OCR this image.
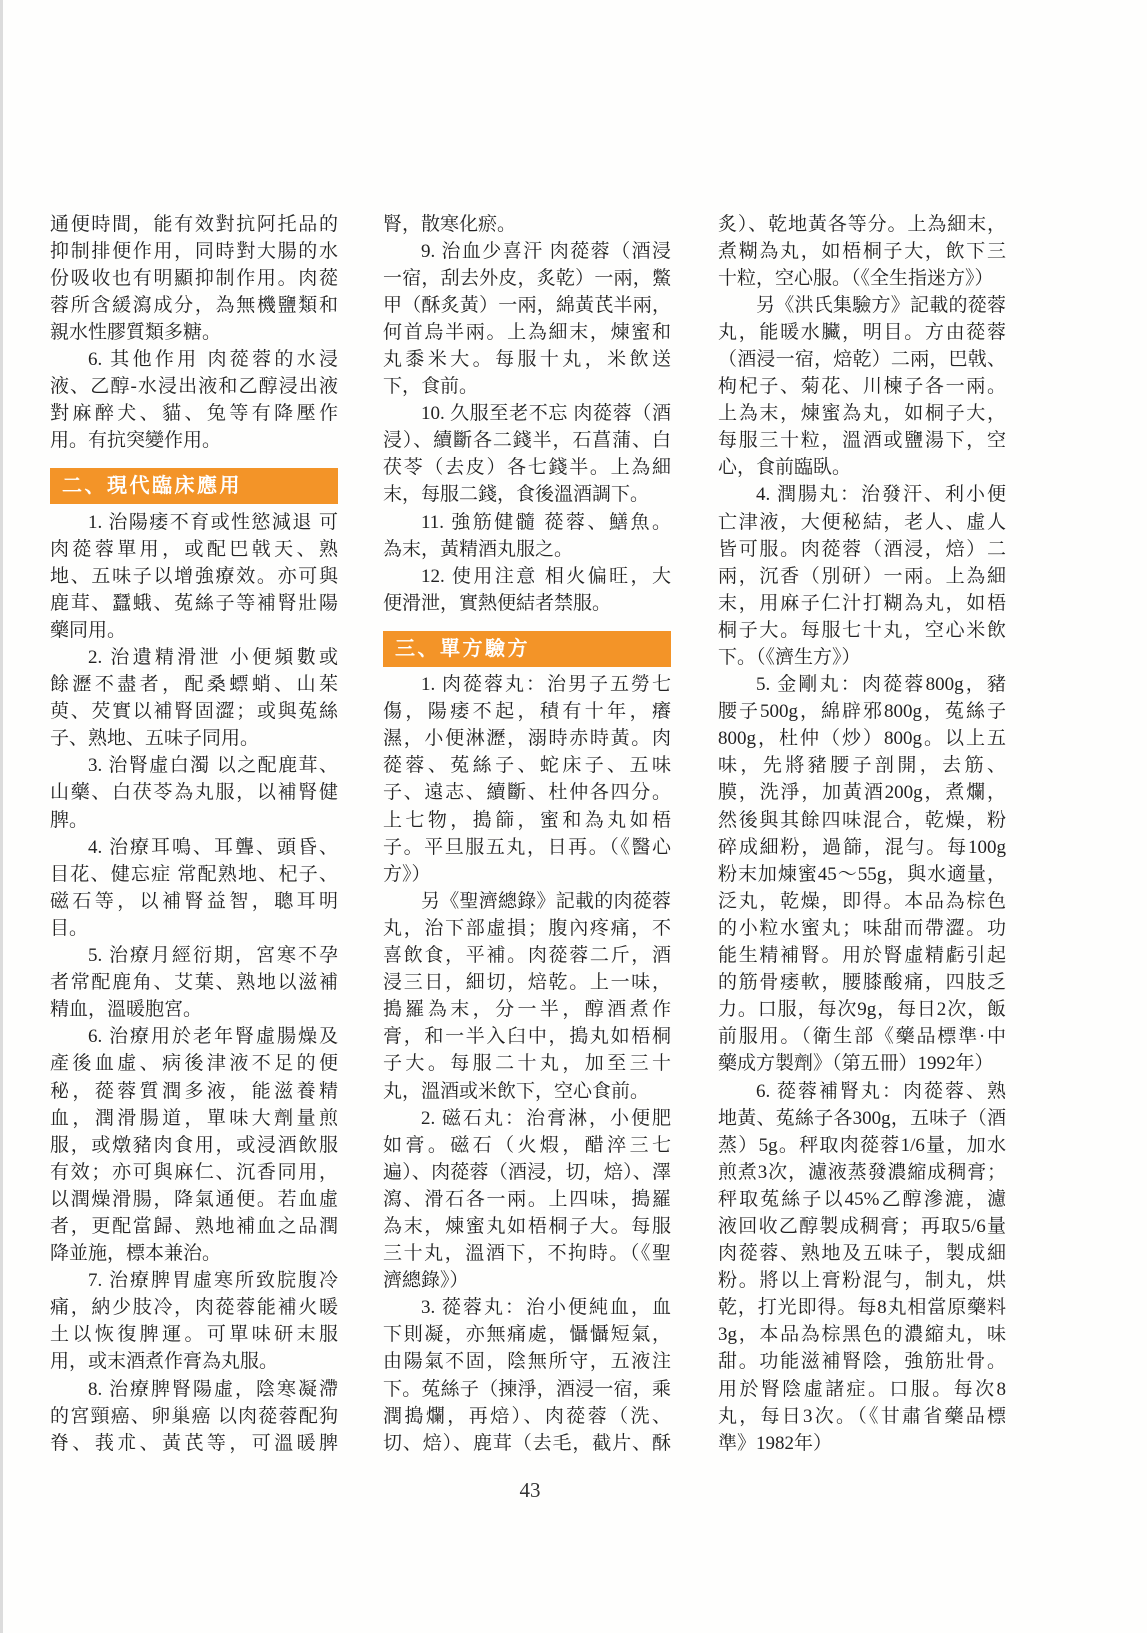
通便時間，能有效對抗阿托品的
抑制排便作用，同時對大腸的水
份吸收也有明顯抑制作用。肉蓯
蓉所含緩瀉成分，為無機鹽類和
親水性膠質類多糖。
6. 其他作用 肉蓯蓉的水浸
液、乙醇-水浸出液和乙醇浸出液
對麻醉犬、貓、兔等有降壓作
用。有抗突變作用。
二、現代臨床應用
1. 治陽痿不育或性慾減退 可
肉蓯蓉單用，或配巴戟天、熟
地、五味子以增強療效。亦可與
鹿茸、蠶蛾、菟絲子等補腎壯陽
藥同用。
2. 治遺精滑泄 小便頻數或
餘瀝不盡者，配桑螵蛸、山茱
萸、芡實以補腎固澀；或與菟絲
子、熟地、五味子同用。
3. 治腎虛白濁 以之配鹿茸、
山藥、白茯苓為丸服，以補腎健
脾。
4. 治療耳鳴、耳聾、頭昏、
目花、健忘症 常配熟地、杞子、
磁石等，以補腎益智，聰耳明
目。
5. 治療月經衍期，宮寒不孕
者常配鹿角、艾葉、熟地以滋補
精血，溫暖胞宮。
6. 治療用於老年腎虛腸燥及
產後血虛、病後津液不足的便
秘，蓯蓉質潤多液，能滋養精
血，潤滑腸道，單味大劑量煎
服，或燉豬肉食用，或浸酒飲服
有效；亦可與麻仁、沉香同用，
以潤燥滑腸，降氣通便。若血虛
者，更配當歸、熟地補血之品潤
降並施，標本兼治。
7. 治療脾胃虛寒所致脘腹冷
痛，納少肢冷，肉蓯蓉能補火暖
土以恢復脾運。可單味研末服
用，或末酒煮作膏為丸服。
8. 治療脾腎陽虛，陰寒凝滯
的宮頸癌、卵巢癌 以肉蓯蓉配狗
脊、莪朮、黃芪等，可溫暖脾
腎，散寒化瘀。
9. 治血少喜汗 肉蓯蓉（酒浸
一宿，刮去外皮，炙乾）一兩，鱉
甲（酥炙黃）一兩，綿黃芪半兩，
何首烏半兩。上為細末，煉蜜和
丸黍米大。每服十丸，米飲送
下，食前。
10. 久服至老不忘 肉蓯蓉（酒
浸）、續斷各二錢半，石菖蒲、白
茯苓（去皮）各七錢半。上為細
末，每服二錢，食後溫酒調下。
11. 強筋健髓 蓯蓉、鱔魚。
為末，黃精酒丸服之。
12. 使用注意 相火偏旺，大
便滑泄，實熱便結者禁服。
三、單方驗方
1. 肉蓯蓉丸：治男子五勞七
傷，陽痿不起，積有十年，癢
濕，小便淋瀝，溺時赤時黃。肉
蓯蓉、菟絲子、蛇床子、五味
子、遠志、續斷、杜仲各四分。
上七物，搗篩，蜜和為丸如梧
子。平旦服五丸，日再。（《醫心
方》）
另《聖濟總錄》記載的肉蓯蓉
丸，治下部虛損；腹內疼痛，不
喜飲食，平補。肉蓯蓉二斤，酒
浸三日，細切，焙乾。上一味，
搗羅為末，分一半，醇酒煮作
膏，和一半入臼中，搗丸如梧桐
子大。每服二十丸，加至三十
丸，溫酒或米飲下，空心食前。
2. 磁石丸：治膏淋，小便肥
如膏。磁石（火煆，醋淬三七
遍）、肉蓯蓉（酒浸，切，焙）、澤
瀉、滑石各一兩。上四味，搗羅
為末，煉蜜丸如梧桐子大。每服
三十丸，溫酒下，不拘時。（《聖
濟總錄》）
3. 蓯蓉丸：治小便純血，血
下則凝，亦無痛處，懾懾短氣，
由陽氣不固，陰無所守，五液注
下。菟絲子（揀淨，酒浸一宿，乘
潤搗爛，再焙）、肉蓯蓉（洗、
切、焙）、鹿茸（去毛，截片、酥
炙）、乾地黃各等分。上為細末，
煮糊為丸，如梧桐子大，飲下三
十粒，空心服。（《全生指迷方》）
另《洪氏集驗方》記載的蓯蓉
丸，能暖水臟，明目。方由蓯蓉
（酒浸一宿，焙乾）二兩，巴戟、
枸杞子、菊花、川楝子各一兩。
上為末，煉蜜為丸，如桐子大，
每服三十粒，溫酒或鹽湯下，空
心，食前臨臥。
4. 潤腸丸：治發汗、利小便
亡津液，大便秘結，老人、虛人
皆可服。肉蓯蓉（酒浸，焙）二
兩，沉香（別研）一兩。上為細
末，用麻子仁汁打糊為丸，如梧
桐子大。每服七十丸，空心米飲
下。（《濟生方》）
5. 金剛丸：肉蓯蓉800g，豬
腰子500g，綿辟邪800g，菟絲子
800g，杜仲（炒）800g。以上五
味，先將豬腰子剖開，去筋、
膜，洗淨，加黃酒200g，煮爛，
然後與其餘四味混合，乾燥，粉
碎成細粉，過篩，混勻。每100g
粉末加煉蜜45～55g，與水適量，
泛丸，乾燥，即得。本品為棕色
的小粒水蜜丸；味甜而帶澀。功
能生精補腎。用於腎虛精虧引起
的筋骨痿軟，腰膝酸痛，四肢乏
力。口服，每次9g，每日2次，飯
前服用。（衛生部《藥品標準·中
藥成方製劑》（第五冊）1992年）
6. 蓯蓉補腎丸：肉蓯蓉、熟
地黃、菟絲子各300g，五味子（酒
蒸）5g。秤取肉蓯蓉1/6量，加水
煎煮3次，濾液蒸發濃縮成稠膏；
秤取菟絲子以45%乙醇滲漉，濾
液回收乙醇製成稠膏；再取5/6量
肉蓯蓉、熟地及五味子，製成細
粉。將以上膏粉混勻，制丸，烘
乾，打光即得。每8丸相當原藥料
3g，本品為棕黑色的濃縮丸，味
甜。功能滋補腎陰，強筋壯骨。
用於腎陰虛諸症。口服。每次8
丸，每日3次。（《甘肅省藥品標
準》1982年）
43
